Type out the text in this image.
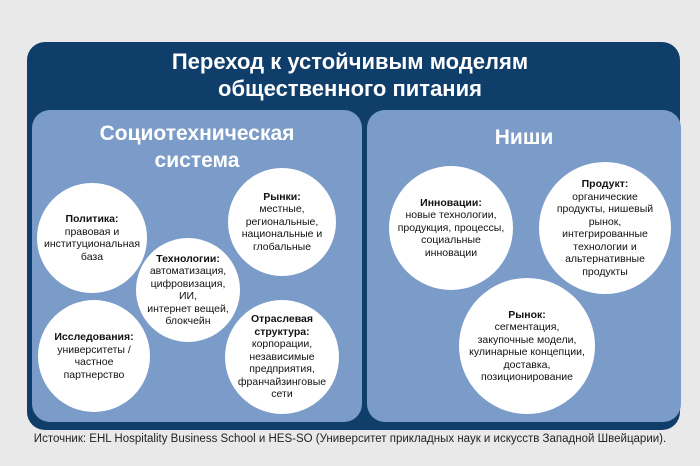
Переход к устойчивым моделям
общественного питания
Социотехническая
система
Политика:
правовая и
институциональная
база
Рынки:
местные,
региональные,
национальные и
глобальные
Технологии:
автоматизация,
цифровизация, ИИ,
интернет вещей,
блокчейн
Исследования:
университеты /
частное партнерство
Отраслевая
структура:
корпорации,
независимые
предприятия,
франчайзинговые
сети
Ниши
Инновации:
новые технологии,
продукция, процессы,
социальные
инновации
Продукт:
органические
продукты, нишевый
рынок,
интегрированные
технологии и
альтернативные
продукты
Рынок:
сегментация,
закупочные модели,
кулинарные концепции,
доставка,
позиционирование
Источник: EHL Hospitality Business School и HES-SO (Университет прикладных наук и искусств Западной Швейцарии).
